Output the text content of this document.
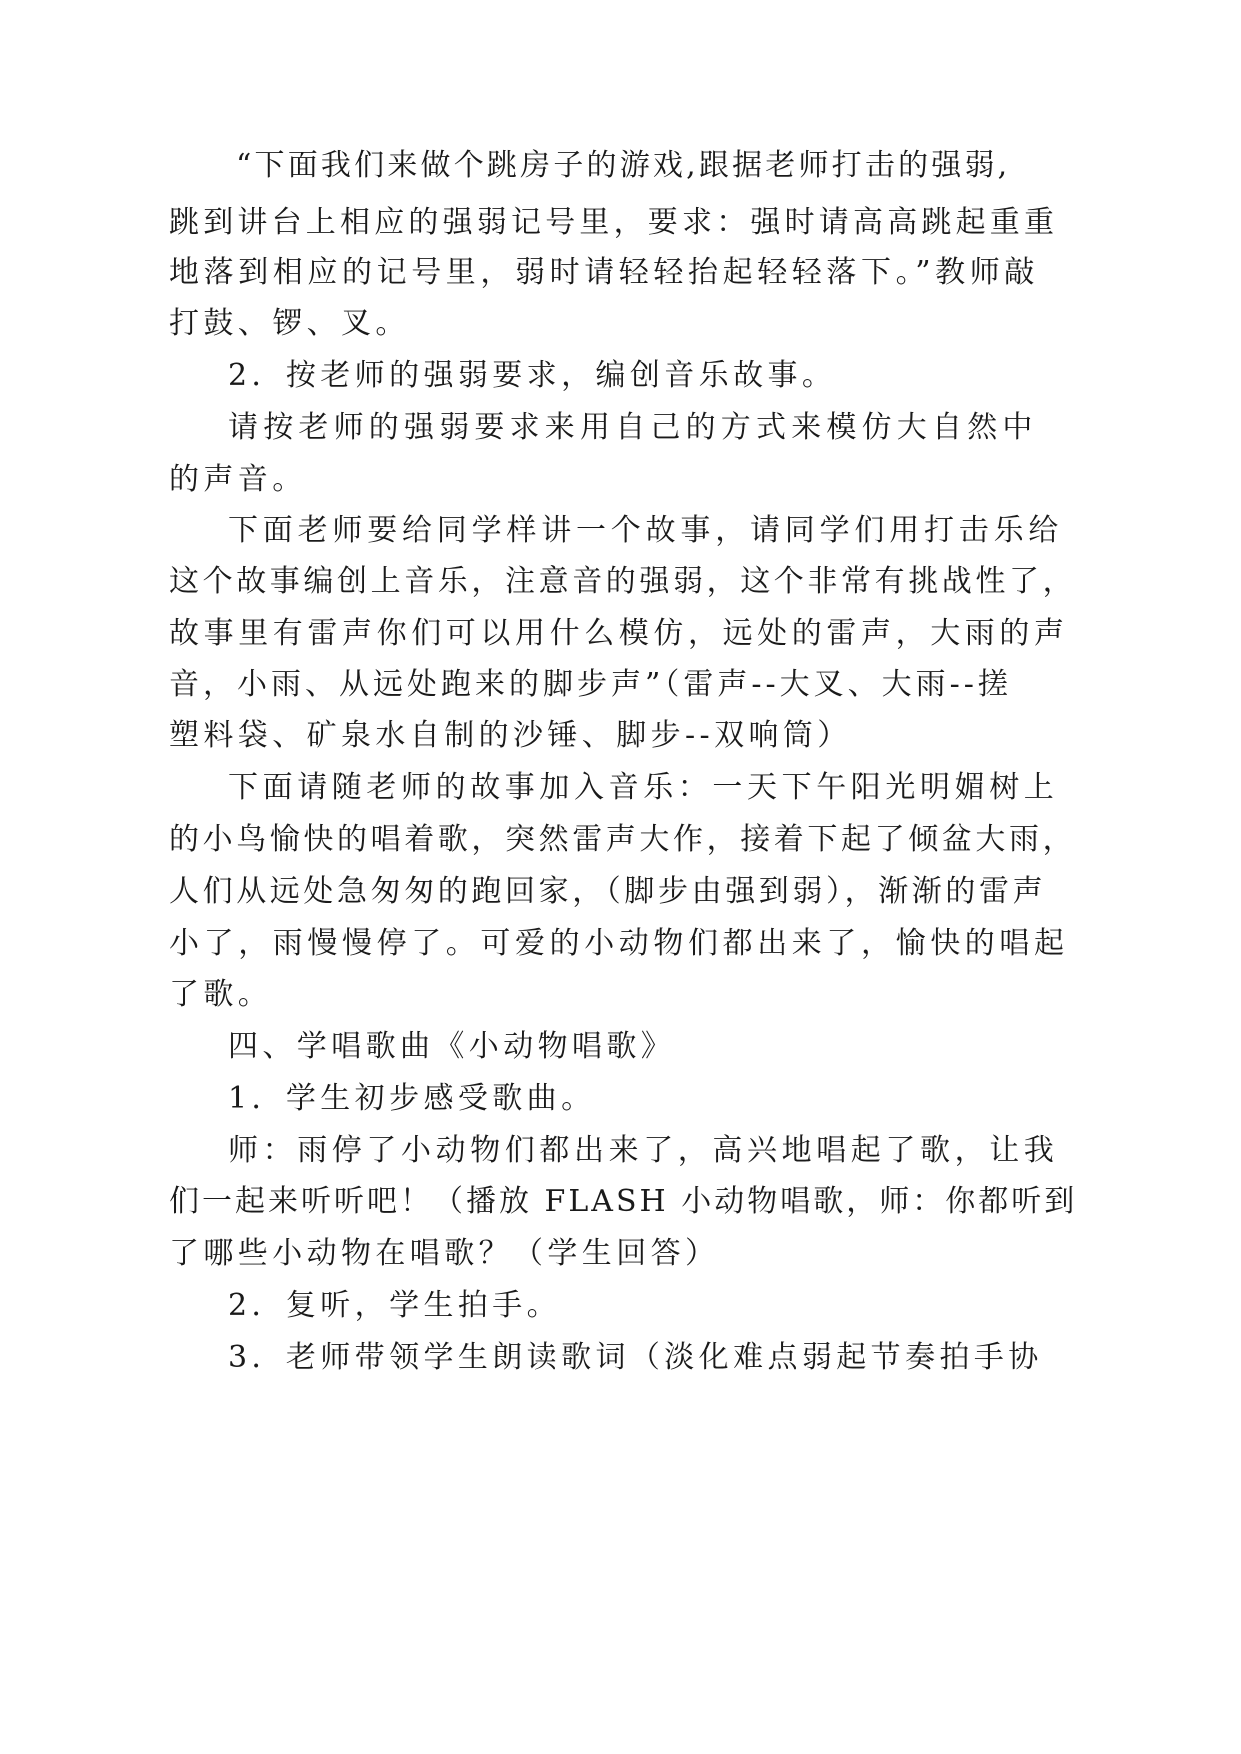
“下面我们来做个跳房子的游戏,跟据老师打击的强弱,
跳到讲台上相应的强弱记号里，要求：强时请高高跳起重重
地落到相应的记号里，弱时请轻轻抬起轻轻落下。”教师敲
打鼓、锣、叉。
2．按老师的强弱要求，编创音乐故事。
请按老师的强弱要求来用自己的方式来模仿大自然中
的声音。
下面老师要给同学样讲一个故事，请同学们用打击乐给
这个故事编创上音乐，注意音的强弱，这个非常有挑战性了，
故事里有雷声你们可以用什么模仿，远处的雷声，大雨的声
音，小雨、从远处跑来的脚步声”（雷声--大叉、大雨--搓
塑料袋、矿泉水自制的沙锤、脚步--双响筒）
下面请随老师的故事加入音乐：一天下午阳光明媚树上
的小鸟愉快的唱着歌，突然雷声大作，接着下起了倾盆大雨，
人们从远处急匆匆的跑回家，（脚步由强到弱），渐渐的雷声
小了，雨慢慢停了。可爱的小动物们都出来了，愉快的唱起
了歌。
四、学唱歌曲《小动物唱歌》
1．学生初步感受歌曲。
师：雨停了小动物们都出来了，高兴地唱起了歌，让我
们一起来听听吧！（播放 FLASH 小动物唱歌，师：你都听到
了哪些小动物在唱歌？（学生回答）
2．复听，学生拍手。
3．老师带领学生朗读歌词（淡化难点弱起节奏拍手协
